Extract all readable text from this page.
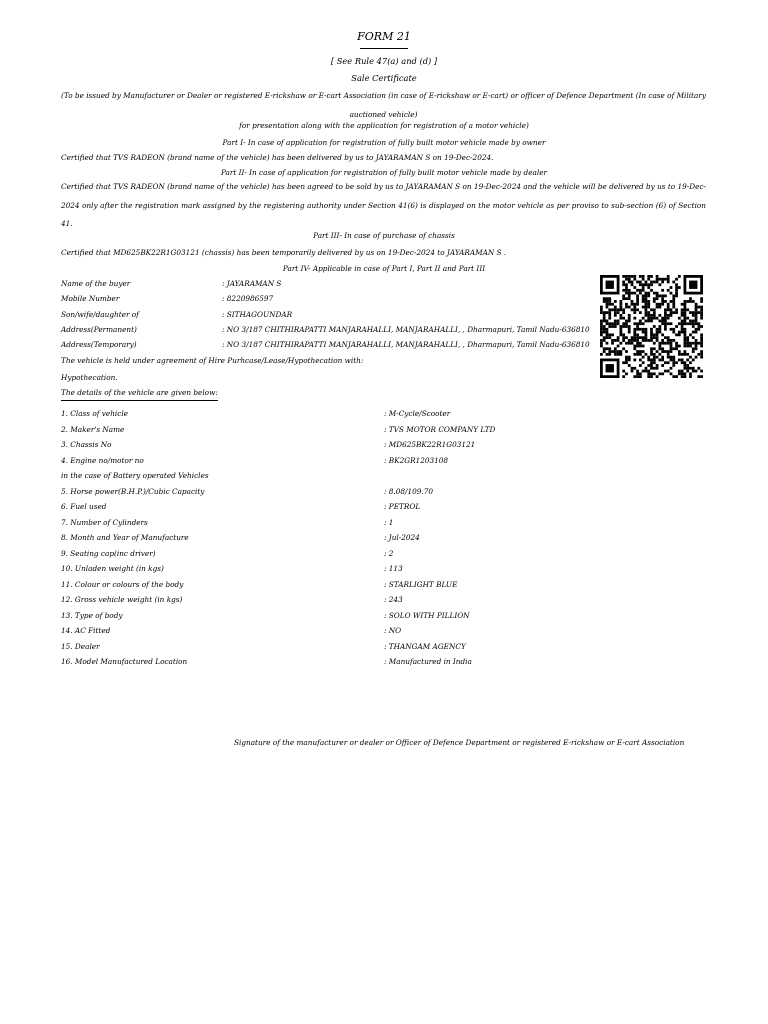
FORM 21
[ See Rule 47(a) and (d) ]
Sale Certificate
(To be issued by Manufacturer or Dealer or registered E-rickshaw or E-cart Association (in case of E-rickshaw or E-cart) or officer of Defence Department (In case of Military auctioned vehicle)
for presentation along with the application for registration of a motor vehicle)
Part I- In case of application for registration of fully built motor vehicle made by owner
Certified that TVS RADEON (brand name of the vehicle) has been delivered by us to JAYARAMAN S on 19-Dec-2024.
Part II- In case of application for registration of fully built motor vehicle made by dealer
Certified that TVS RADEON (brand name of the vehicle) has been agreed to be sold by us to JAYARAMAN S on 19-Dec-2024 and the vehicle will be delivered by us to 19-Dec-2024 only after the registration mark assigned by the registering authority under Section 41(6) is displayed on the motor vehicle as per proviso to sub-section (6) of Section 41.
Part III- In case of purchase of chassis
Certified that MD625BK22R1G03121 (chassis) has been temporarily delivered by us on 19-Dec-2024 to JAYARAMAN S .
Part IV- Applicable in case of Part I, Part II and Part III
Name of the buyer	: JAYARAMAN S
Mobile Number	: 8220986597
Son/wife/daughter of	: SITHAGOUNDAR
Address(Permanent)	: NO 3/187 CHITHIRAPATTI MANJARAHALLI, MANJARAHALLI, , Dharmapuri, Tamil Nadu-636810
Address(Temporary)	: NO 3/187 CHITHIRAPATTI MANJARAHALLI, MANJARAHALLI, , Dharmapuri, Tamil Nadu-636810
The vehicle is held under agreement of Hire Purhcase/Lease/Hypothecation with:
Hypothecation.
The details of the vehicle are given below:
1. Class of vehicle	: M-Cycle/Scooter
2. Maker's Name	: TVS MOTOR COMPANY LTD
3. Chassis No	: MD625BK22R1G03121
4. Engine no/motor no	: BK2GR1203108
in the case of Battery operated Vehicles
5. Horse power(B.H.P.)/Cubic Capacity	: 8.08/109.70
6. Fuel used	: PETROL
7. Number of Cylinders	: 1
8. Month and Year of Manufacture	: Jul-2024
9. Seating cap(inc driver)	: 2
10. Unladen weight (in kgs)	: 113
11. Colour or colours of the body	: STARLIGHT BLUE
12. Gross vehicle weight (in kgs)	: 243
13. Type of body	: SOLO WITH PILLION
14. AC Fitted	: NO
15. Dealer	: THANGAM AGENCY
16. Model Manufactured Location	: Manufactured in India
Signature of the manufacturer or dealer or Officer of Defence Department or registered E-rickshaw or E-cart Association
